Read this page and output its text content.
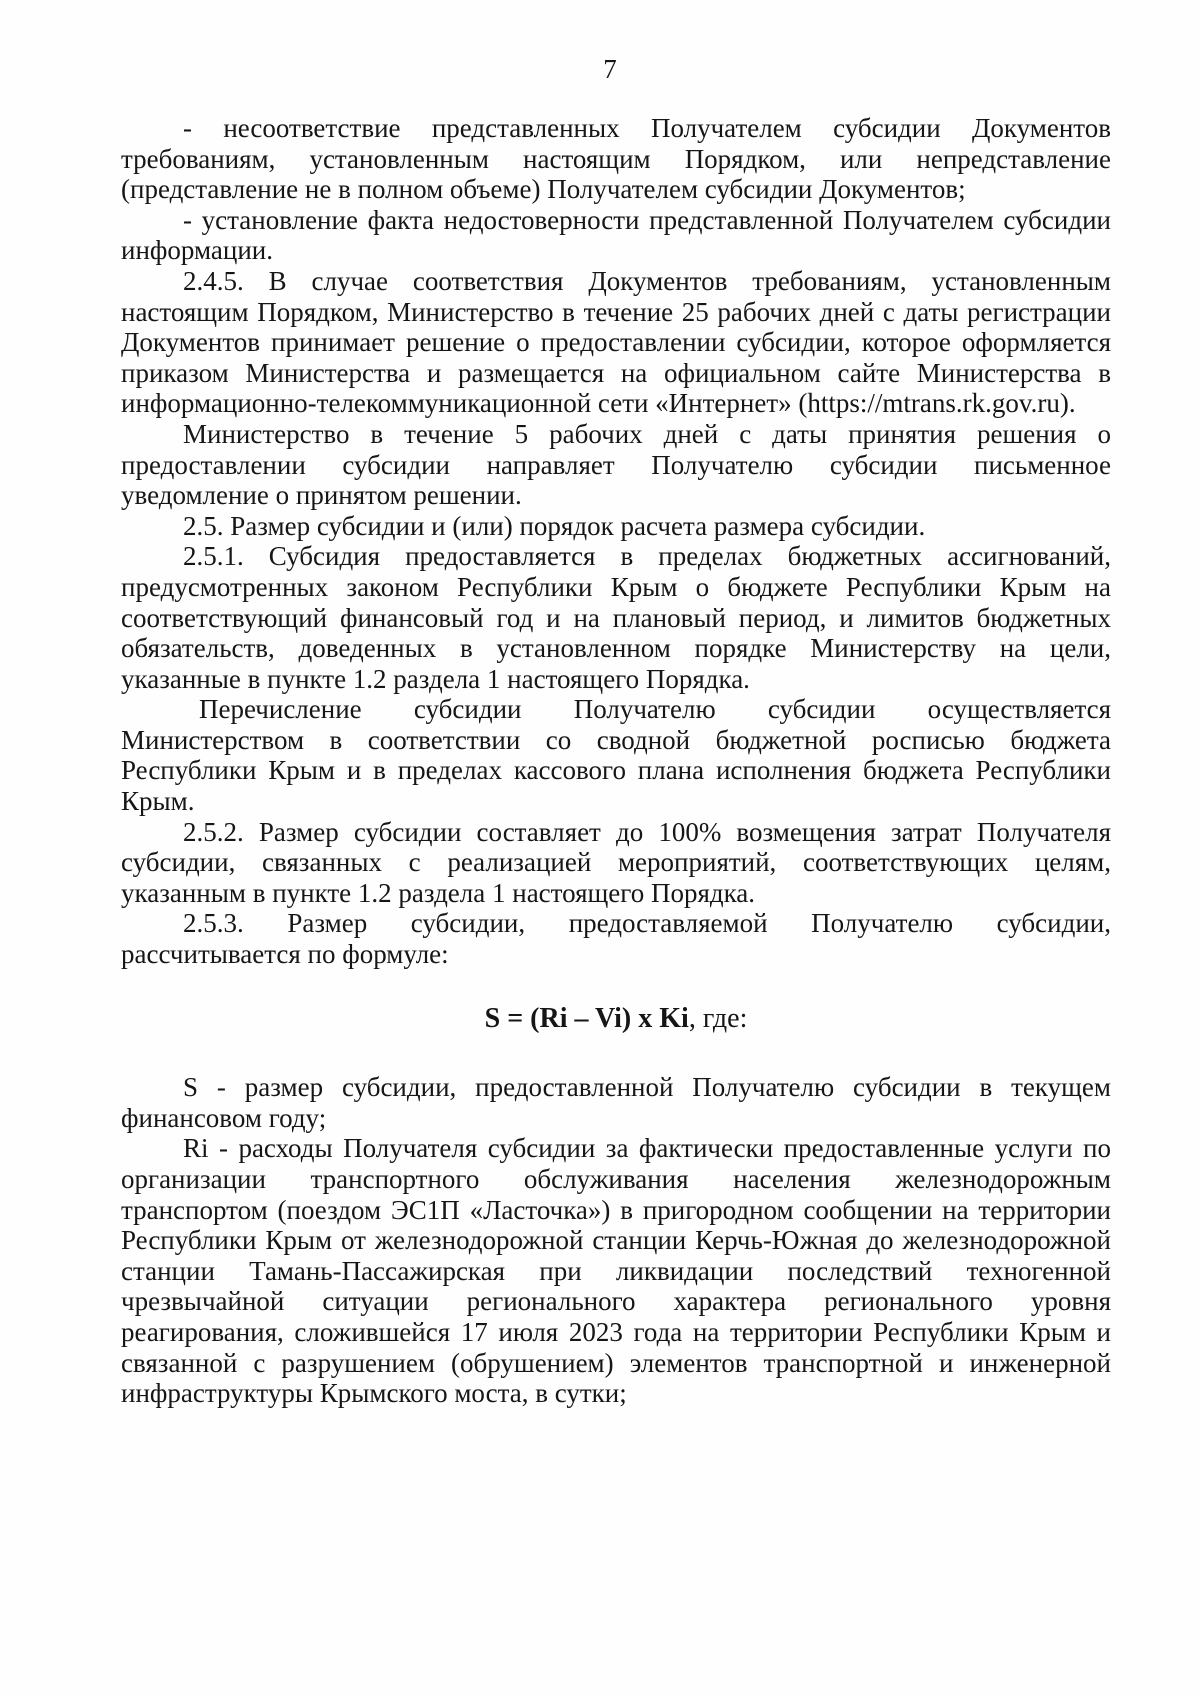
7

- несоответствие представленных Получателем субсидии Документов требованиям, установленным настоящим Порядком, или непредставление (представление не в полном объеме) Получателем субсидии Документов;

- установление факта недостоверности представленной Получателем субсидии информации.

2.4.5. В случае соответствия Документов требованиям, установленным настоящим Порядком, Министерство в течение 25 рабочих дней с даты регистрации Документов принимает решение о предоставлении субсидии, которое оформляется приказом Министерства и размещается на официальном сайте Министерства в информационно-телекоммуникационной сети «Интернет» (https://mtrans.rk.gov.ru).

Министерство в течение 5 рабочих дней с даты принятия решения о предоставлении субсидии направляет Получателю субсидии письменное уведомление о принятом решении.

2.5. Размер субсидии и (или) порядок расчета размера субсидии.

2.5.1. Субсидия предоставляется в пределах бюджетных ассигнований, предусмотренных законом Республики Крым о бюджете Республики Крым на соответствующий финансовый год и на плановый период, и лимитов бюджетных обязательств, доведенных в установленном порядке Министерству на цели, указанные в пункте 1.2 раздела 1 настоящего Порядка.

Перечисление субсидии Получателю субсидии осуществляется Министерством в соответствии со сводной бюджетной росписью бюджета Республики Крым и в пределах кассового плана исполнения бюджета Республики Крым.

2.5.2. Размер субсидии составляет до 100% возмещения затрат Получателя субсидии, связанных с реализацией мероприятий, соответствующих целям, указанным в пункте 1.2 раздела 1 настоящего Порядка.

2.5.3. Размер субсидии, предоставляемой Получателю субсидии, рассчитывается по формуле:

S = (Ri – Vi) x Ki, где:

S - размер субсидии, предоставленной Получателю субсидии в текущем финансовом году;

Ri - расходы Получателя субсидии за фактически предоставленные услуги по организации транспортного обслуживания населения железнодорожным транспортом (поездом ЭС1П «Ласточка») в пригородном сообщении на территории Республики Крым от железнодорожной станции Керчь-Южная до железнодорожной станции Тамань-Пассажирская при ликвидации последствий техногенной чрезвычайной ситуации регионального характера регионального уровня реагирования, сложившейся 17 июля 2023 года на территории Республики Крым и связанной с разрушением (обрушением) элементов транспортной и инженерной инфраструктуры Крымского моста, в сутки;
